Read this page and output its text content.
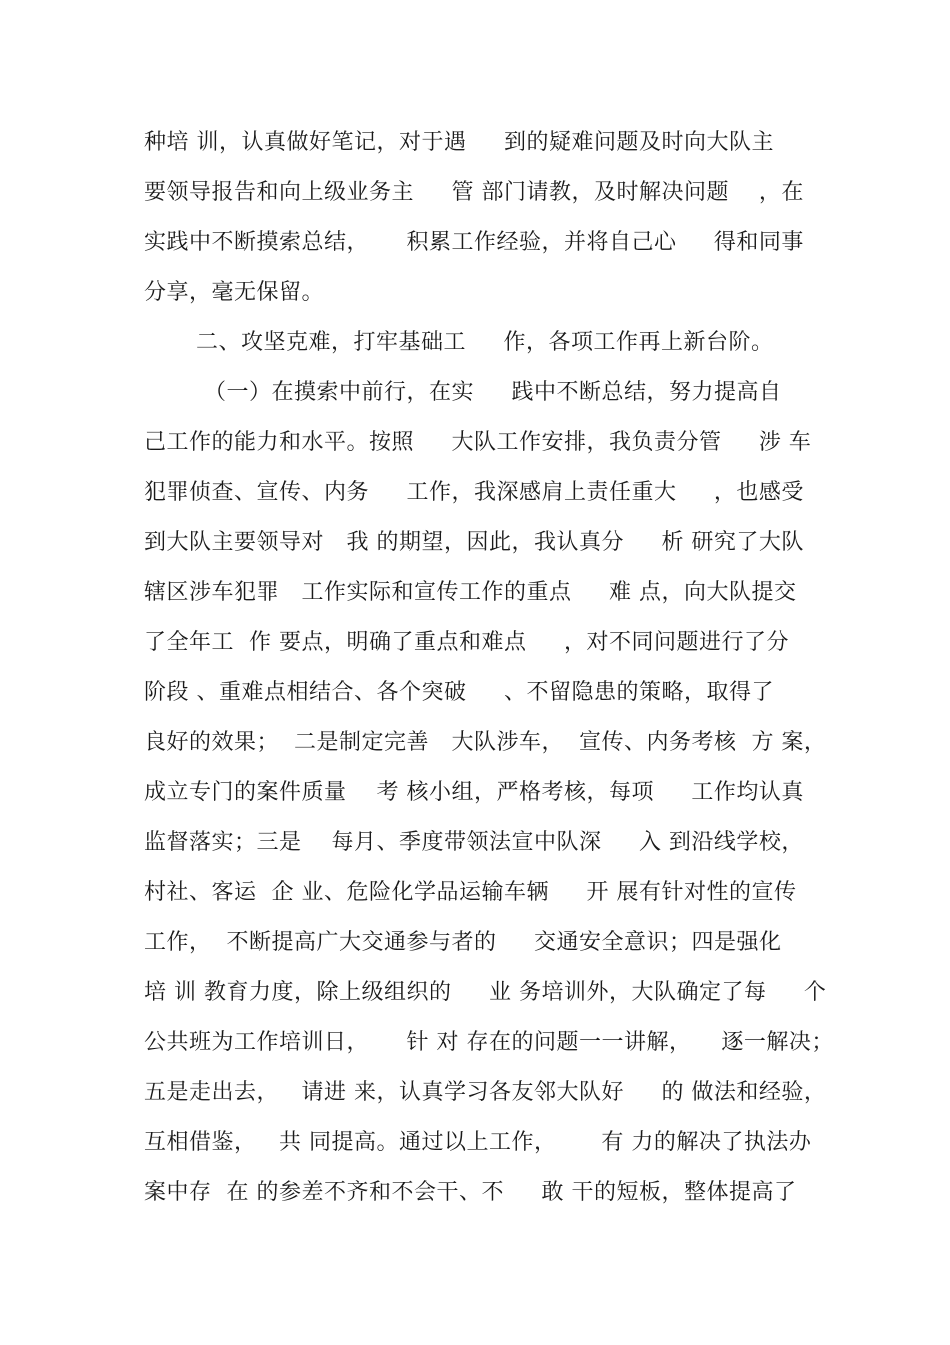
种培 训，认真做好笔记，对于遇     到的疑难问题及时向大队主
要领导报告和向上级业务主     管 部门请教，及时解决问题    ，在
实践中不断摸索总结，     积累工作经验，并将自己心     得和同事
分享，毫无保留。
二、攻坚克难，打牢基础工     作，各项工作再上新台阶。
（一）在摸索中前行，在实     践中不断总结，努力提高自
己工作的能力和水平。按照     大队工作安排，我负责分管     涉 车
犯罪侦查、宣传、内务     工作，我深感肩上责任重大     ，也感受
到大队主要领导对   我 的期望，因此，我认真分     析 研究了大队
辖区涉车犯罪   工作实际和宣传工作的重点     难 点，向大队提交
了全年工  作 要点，明确了重点和难点     ，对不同问题进行了分
阶段 、重难点相结合、各个突破     、不留隐患的策略，取得了
良好的效果；  二是制定完善   大队涉车，  宣传、内务考核  方 案，
成立专门的案件质量    考 核小组，严格考核，每项     工作均认真
监督落实；三是    每月、季度带领法宣中队深     入 到沿线学校，
村社、客运  企 业、危险化学品运输车辆     开 展有针对性的宣传
工作，  不断提高广大交通参与者的     交通安全意识；四是强化
培 训 教育力度，除上级组织的     业 务培训外，大队确定了每     个
公共班为工作培训日，     针 对 存在的问题一一讲解，    逐一解决；
五是走出去，   请进 来，认真学习各友邻大队好     的 做法和经验，
互相借鉴，   共 同提高。通过以上工作，      有 力的解决了执法办
案中存  在 的参差不齐和不会干、不     敢 干的短板，整体提高了
